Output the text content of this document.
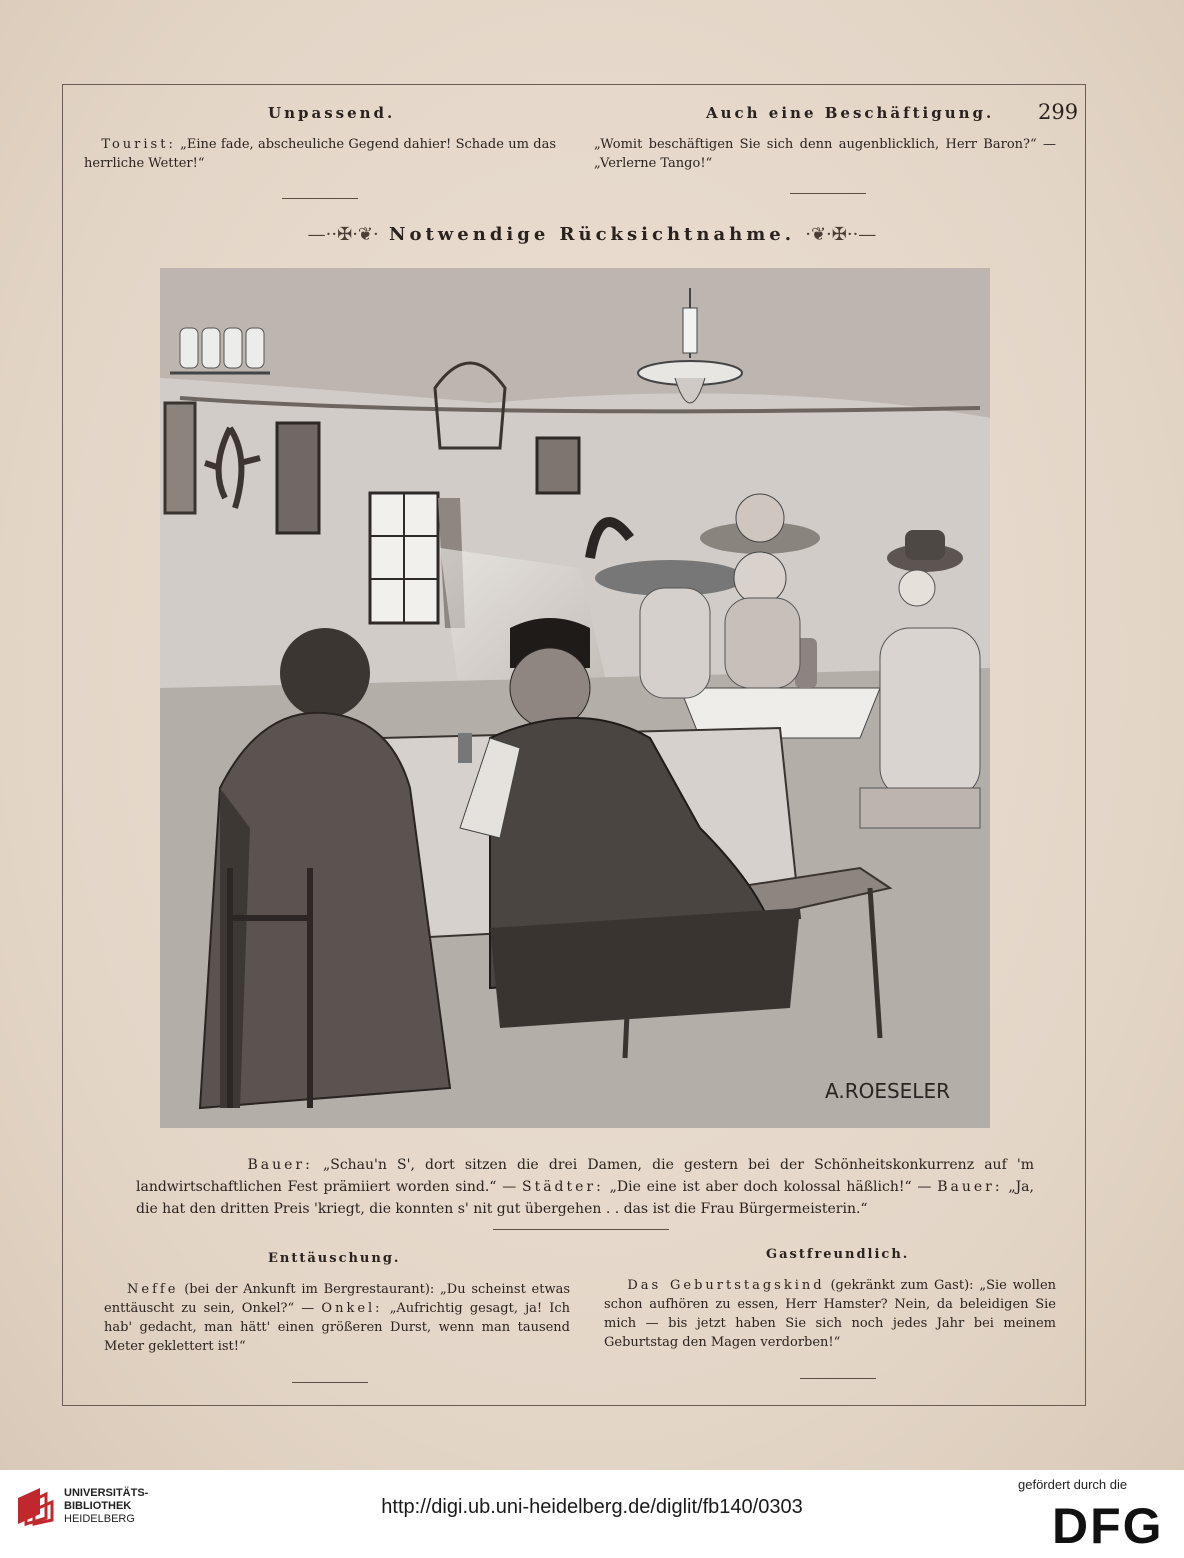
Unpassend.
Tourist: „Eine fade, abscheuliche Gegend dahier! Schade um das herrliche Wetter!“
Auch eine Beschäftigung. 299
„Womit beschäftigen Sie sich denn augenblicklich, Herr Baron?“ — „Verlerne Tango!“
—··✠·❦· Notwendige Rücksichtnahme. ·❦·✠··—
A.ROESELER
Bauer: „Schau'n S', dort sitzen die drei Damen, die gestern bei der Schönheitskonkurrenz auf 'm landwirtschaftlichen Fest prämiiert worden sind.“ — Städter: „Die eine ist aber doch kolossal häßlich!“ — Bauer: „Ja, die hat den dritten Preis 'kriegt, die konnten s' nit gut übergehen . . das ist die Frau Bürgermeisterin.“
Enttäuschung.
Neffe (bei der Ankunft im Bergrestaurant): „Du scheinst etwas enttäuscht zu sein, Onkel?“ — Onkel: „Aufrichtig gesagt, ja! Ich hab' gedacht, man hätt' einen größeren Durst, wenn man tausend Meter geklettert ist!“
Gastfreundlich.
Das Geburtstagskind (gekränkt zum Gast): „Sie wollen schon aufhören zu essen, Herr Hamster? Nein, da beleidigen Sie mich — bis jetzt haben Sie sich noch jedes Jahr bei meinem Geburtstag den Magen verdorben!“
UNIVERSITÄTS-
BIBLIOTHEK
HEIDELBERG
http://digi.ub.uni-heidelberg.de/diglit/fb140/0303
gefördert durch die
DFG
